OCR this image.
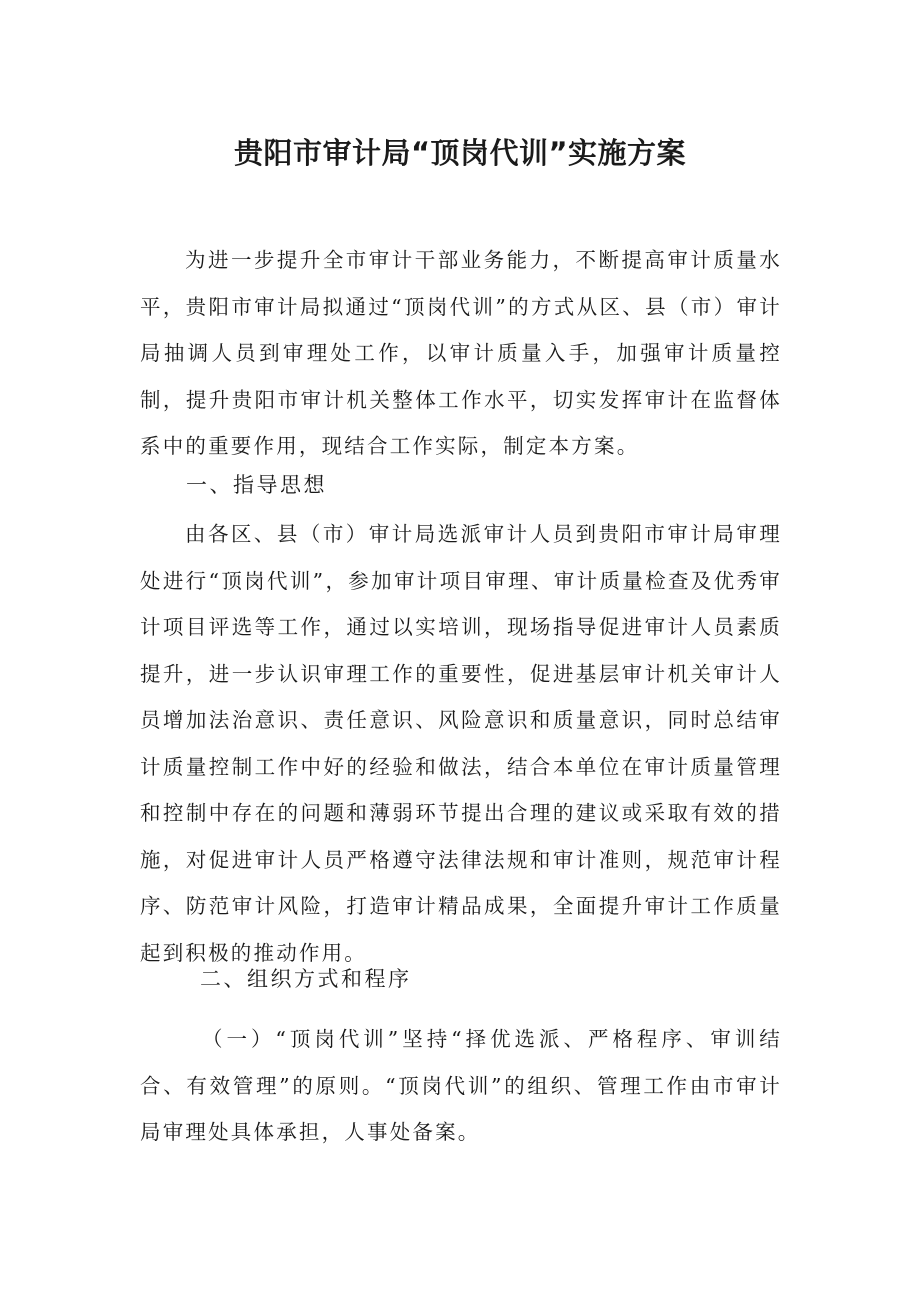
贵阳市审计局“顶岗代训”实施方案

为进一步提升全市审计干部业务能力，不断提高审计质量水平，贵阳市审计局拟通过“顶岗代训”的方式从区、县（市）审计局抽调人员到审理处工作，以审计质量入手，加强审计质量控制，提升贵阳市审计机关整体工作水平，切实发挥审计在监督体系中的重要作用，现结合工作实际，制定本方案。

一、指导思想

由各区、县（市）审计局选派审计人员到贵阳市审计局审理处进行“顶岗代训”，参加审计项目审理、审计质量检查及优秀审计项目评选等工作，通过以实培训，现场指导促进审计人员素质提升，进一步认识审理工作的重要性，促进基层审计机关审计人员增加法治意识、责任意识、风险意识和质量意识，同时总结审计质量控制工作中好的经验和做法，结合本单位在审计质量管理和控制中存在的问题和薄弱环节提出合理的建议或采取有效的措施，对促进审计人员严格遵守法律法规和审计准则，规范审计程序、防范审计风险，打造审计精品成果，全面提升审计工作质量起到积极的推动作用。

二、组织方式和程序

（一）“顶岗代训”坚持“择优选派、严格程序、审训结合、有效管理”的原则。“顶岗代训”的组织、管理工作由市审计局审理处具体承担，人事处备案。
